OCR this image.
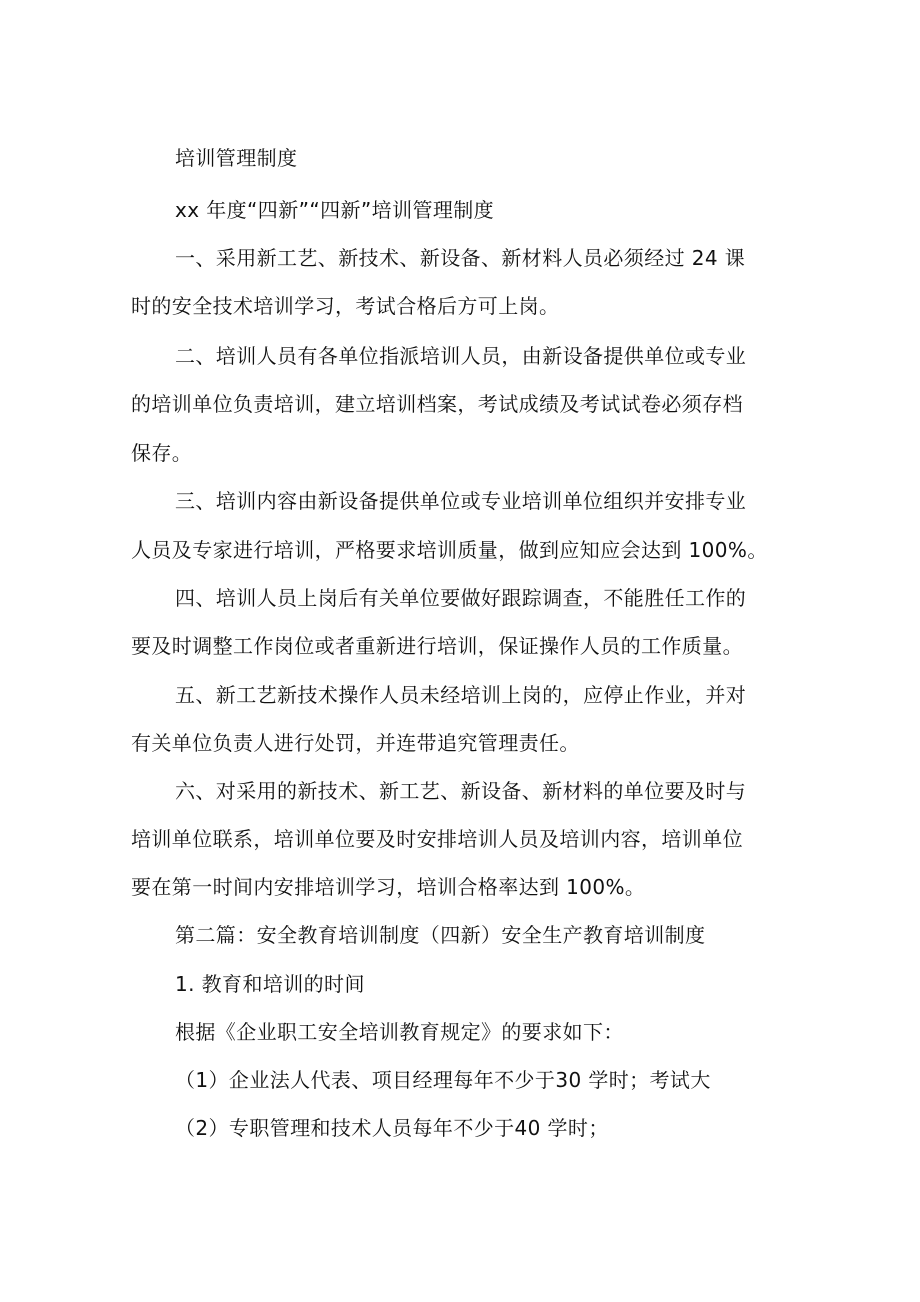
培训管理制度
xx 年度“四新”“四新”培训管理制度
一、采用新工艺、新技术、新设备、新材料人员必须经过 24 课
时的安全技术培训学习，考试合格后方可上岗。
二、培训人员有各单位指派培训人员，由新设备提供单位或专业
的培训单位负责培训，建立培训档案，考试成绩及考试试卷必须存档
保存。
三、培训内容由新设备提供单位或专业培训单位组织并安排专业
人员及专家进行培训，严格要求培训质量，做到应知应会达到 100%。
四、培训人员上岗后有关单位要做好跟踪调查，不能胜任工作的
要及时调整工作岗位或者重新进行培训，保证操作人员的工作质量。
五、新工艺新技术操作人员未经培训上岗的，应停止作业，并对
有关单位负责人进行处罚，并连带追究管理责任。
六、对采用的新技术、新工艺、新设备、新材料的单位要及时与
培训单位联系，培训单位要及时安排培训人员及培训内容，培训单位
要在第一时间内安排培训学习，培训合格率达到 100%。
第二篇：安全教育培训制度（四新）安全生产教育培训制度
1. 教育和培训的时间
根据《企业职工安全培训教育规定》的要求如下：
（1）企业法人代表、项目经理每年不少于30 学时；考试大
（2）专职管理和技术人员每年不少于40 学时；
